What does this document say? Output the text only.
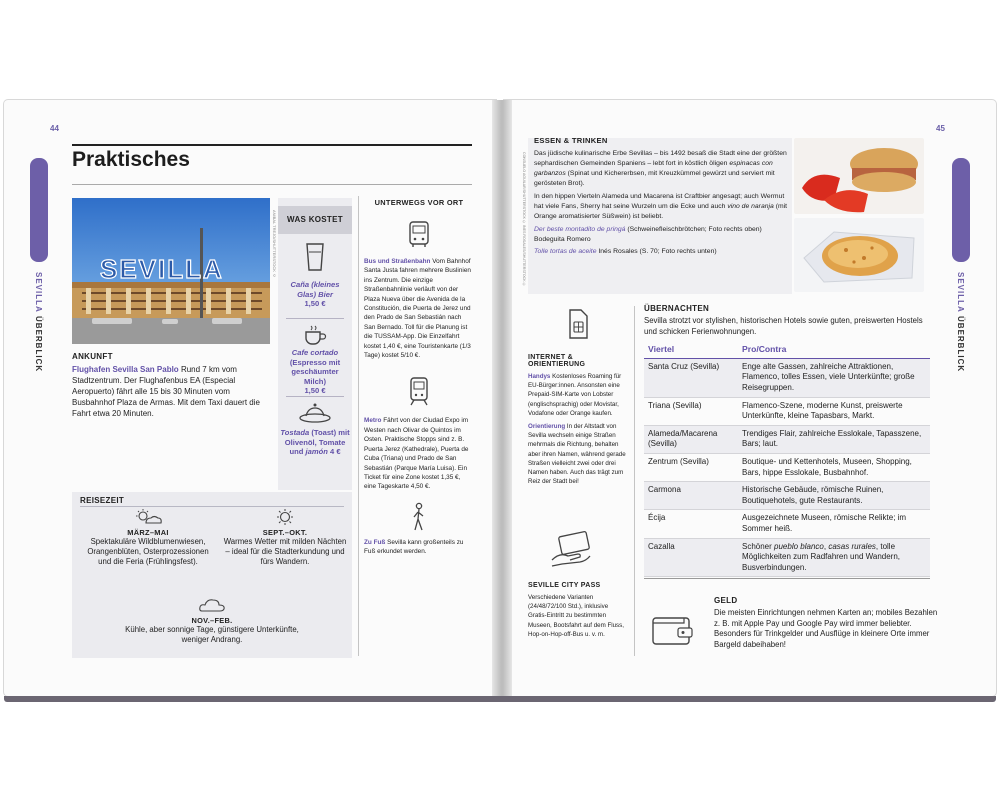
44
SEVILLA ÜBERBLICK
Praktisches
SEVILLA	ANIBAL TREJO/SHUTTERSTOCK ©
ANKUNFT
Flughafen Sevilla San Pablo Rund 7 km vom Stadtzentrum. Der Flughafenbus EA (Especial Aeropuerto) fährt alle 15 bis 30 Minuten vom Busbahnhof Plaza de Armas. Mit dem Taxi dauert die Fahrt etwa 20 Minuten.
WAS KOSTET
Caña (kleines Glas) Bier
1,50 €
Cafe cortado (Espresso mit geschäumter Milch)
1,50 €
Tostada (Toast) mit Olivenöl, Tomate und jamón 4 €
UNTERWEGS VOR ORT
Bus und Straßenbahn Vom Bahnhof Santa Justa fahren mehrere Buslinien ins Zentrum. Die einzige Straßenbahnlinie verläuft von der Plaza Nueva über die Avenida de la Constitución, die Puerta de Jerez und den Prado de San Sebastián nach San Bernado. Toll für die Planung ist die TUSSAM-App. Die Einzelfahrt kostet 1,40 €, eine Touristenkarte (1/3 Tage) kostet 5/10 €.
Metro Fährt von der Ciudad Expo im Westen nach Olivar de Quintos im Osten. Praktische Stopps sind z. B. Puerta Jerez (Kathedrale), Puerta de Cuba (Triana) und Prado de San Sebastián (Parque María Luisa). Ein Ticket für eine Zone kostet 1,35 €, eine Tageskarte 4,50 €.
Zu Fuß Sevilla kann großenteils zu Fuß erkundet werden.
REISEZEIT
MÄRZ–MAI
Spektakuläre Wildblumenwiesen, Orangenblüten, Osterprozessionen und die Feria (Frühlingsfest).
SEPT.–OKT.
Warmes Wetter mit milden Nächten – ideal für die Stadterkundung und fürs Wandern.
NOV.–FEB.
Kühle, aber sonnige Tage, günstigere Unterkünfte, weniger Andrang.
45
SEVILLA ÜBERBLICK
CONSUELO AGUILAR/SHUTTERSTOCK © INES ROSALES/SHUTTERSTOCK ©
ESSEN & TRINKEN
Das jüdische kulinarische Erbe Sevillas – bis 1492 besaß die Stadt eine der größten sephardischen Gemeinden Spaniens – lebt fort in köstlich öligen espinacas con garbanzos (Spinat und Kichererbsen, mit Kreuzkümmel gewürzt und serviert mit gerösteten Brot).
In den hippen Vierteln Alameda und Macarena ist Craftbier angesagt; auch Wermut hat viele Fans, Sherry hat seine Wurzeln um die Ecke und auch vino de naranja (mit Orange aromatisierter Süßwein) ist beliebt.
Der beste montadito de pringá (Schweinefleischbrötchen; Foto rechts oben) Bodeguita Romero
Tolle tortas de aceite Inés Rosales (S. 70; Foto rechts unten)
INTERNET & ORIENTIERUNG
Handys Kostenloses Roaming für EU-Bürger:innen. Ansonsten eine Prepaid-SIM-Karte von Lobster (englischsprachig) oder Movistar, Vodafone oder Orange kaufen.
Orientierung In der Altstadt von Sevilla wechseln einige Straßen mehrmals die Richtung, behalten aber ihren Namen, während gerade Straßen vielleicht zwei oder drei Namen haben. Auch das trägt zum Reiz der Stadt bei!
SEVILLE CITY PASS
Verschiedene Varianten (24/48/72/100 Std.), inklusive Gratis-Eintritt zu bestimmten Museen, Bootsfahrt auf dem Fluss, Hop-on-Hop-off-Bus u. v. m.
ÜBERNACHTEN
Sevilla strotzt vor stylishen, historischen Hotels sowie guten, preiswerten Hostels und schicken Ferienwohnungen.
Viertel	Pro/Contra
Santa Cruz (Sevilla)	Enge alte Gassen, zahlreiche Attraktionen, Flamenco, tolles Essen, viele Unterkünfte; große Reisegruppen.
Triana (Sevilla)	Flamenco-Szene, moderne Kunst, preiswerte Unterkünfte, kleine Tapasbars, Markt.
Alameda/Macarena (Sevilla)	Trendiges Flair, zahlreiche Esslokale, Tapasszene, Bars; laut.
Zentrum (Sevilla)	Boutique- und Kettenhotels, Museen, Shopping, Bars, hippe Esslokale, Busbahnhof.
Carmona	Historische Gebäude, römische Ruinen, Boutiquehotels, gute Restaurants.
Écija	Ausgezeichnete Museen, römische Relikte; im Sommer heiß.
Cazalla	Schöner pueblo blanco, casas rurales, tolle Möglichkeiten zum Radfahren und Wandern, Busverbindungen.
GELD
Die meisten Einrichtungen nehmen Karten an; mobiles Bezahlen z. B. mit Apple Pay und Google Pay wird immer beliebter. Besonders für Trinkgelder und Ausflüge in kleinere Orte immer Bargeld dabeihaben!
